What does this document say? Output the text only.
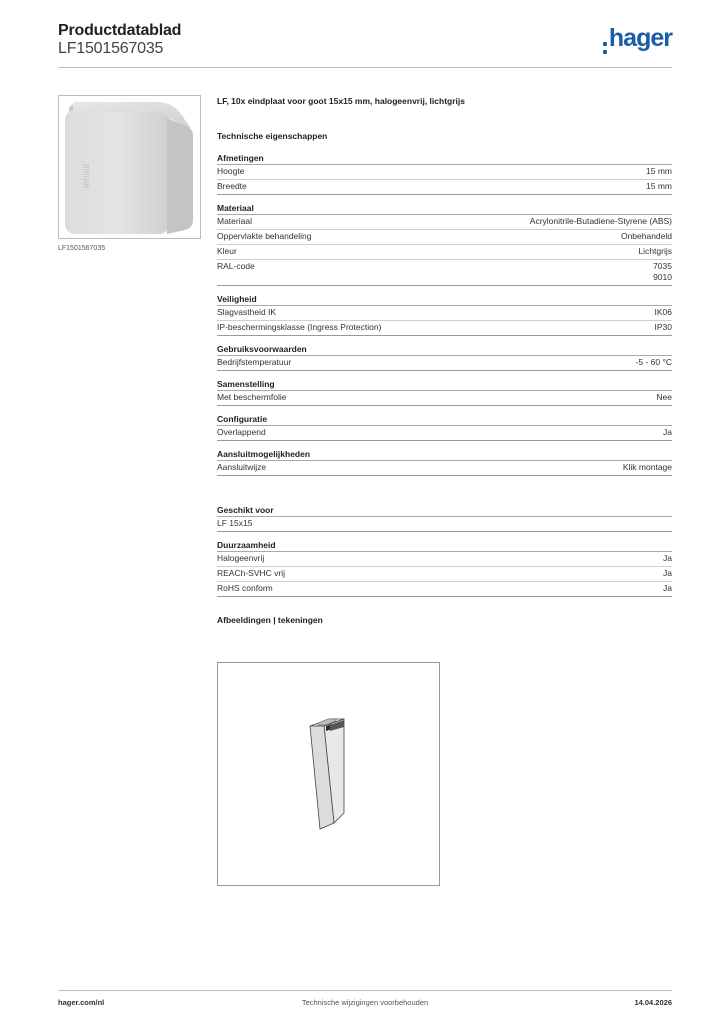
Productdatablad
LF1501567035	hager
tehalit
LF1501567035
LF, 10x eindplaat voor goot 15x15 mm, halogeenvrij, lichtgrijs
Technische eigenschappen
Afmetingen
Hoogte	15 mm
Breedte	15 mm
Materiaal
Materiaal	Acrylonitrile-Butadiene-Styrene (ABS)
Oppervlakte behandeling	Onbehandeld
Kleur	Lichtgrijs
RAL-code	7035
9010
Veiligheid
Slagvastheid IK	IK06
IP-beschermingsklasse (Ingress Protection)	IP30
Gebruiksvoorwaarden
Bedrijfstemperatuur	-5 - 60 °C
Samenstelling
Met beschermfolie	Nee
Configuratie
Overlappend	Ja
Aansluitmogelijkheden
Aansluitwijze	Klik montage
Geschikt voor
LF 15x15
Duurzaamheid
Halogeenvrij	Ja
REACh-SVHC vrij	Ja
RoHS conform	Ja
Afbeeldingen | tekeningen
hager.com/nl	Technische wijzigingen voorbehouden	14.04.2026
